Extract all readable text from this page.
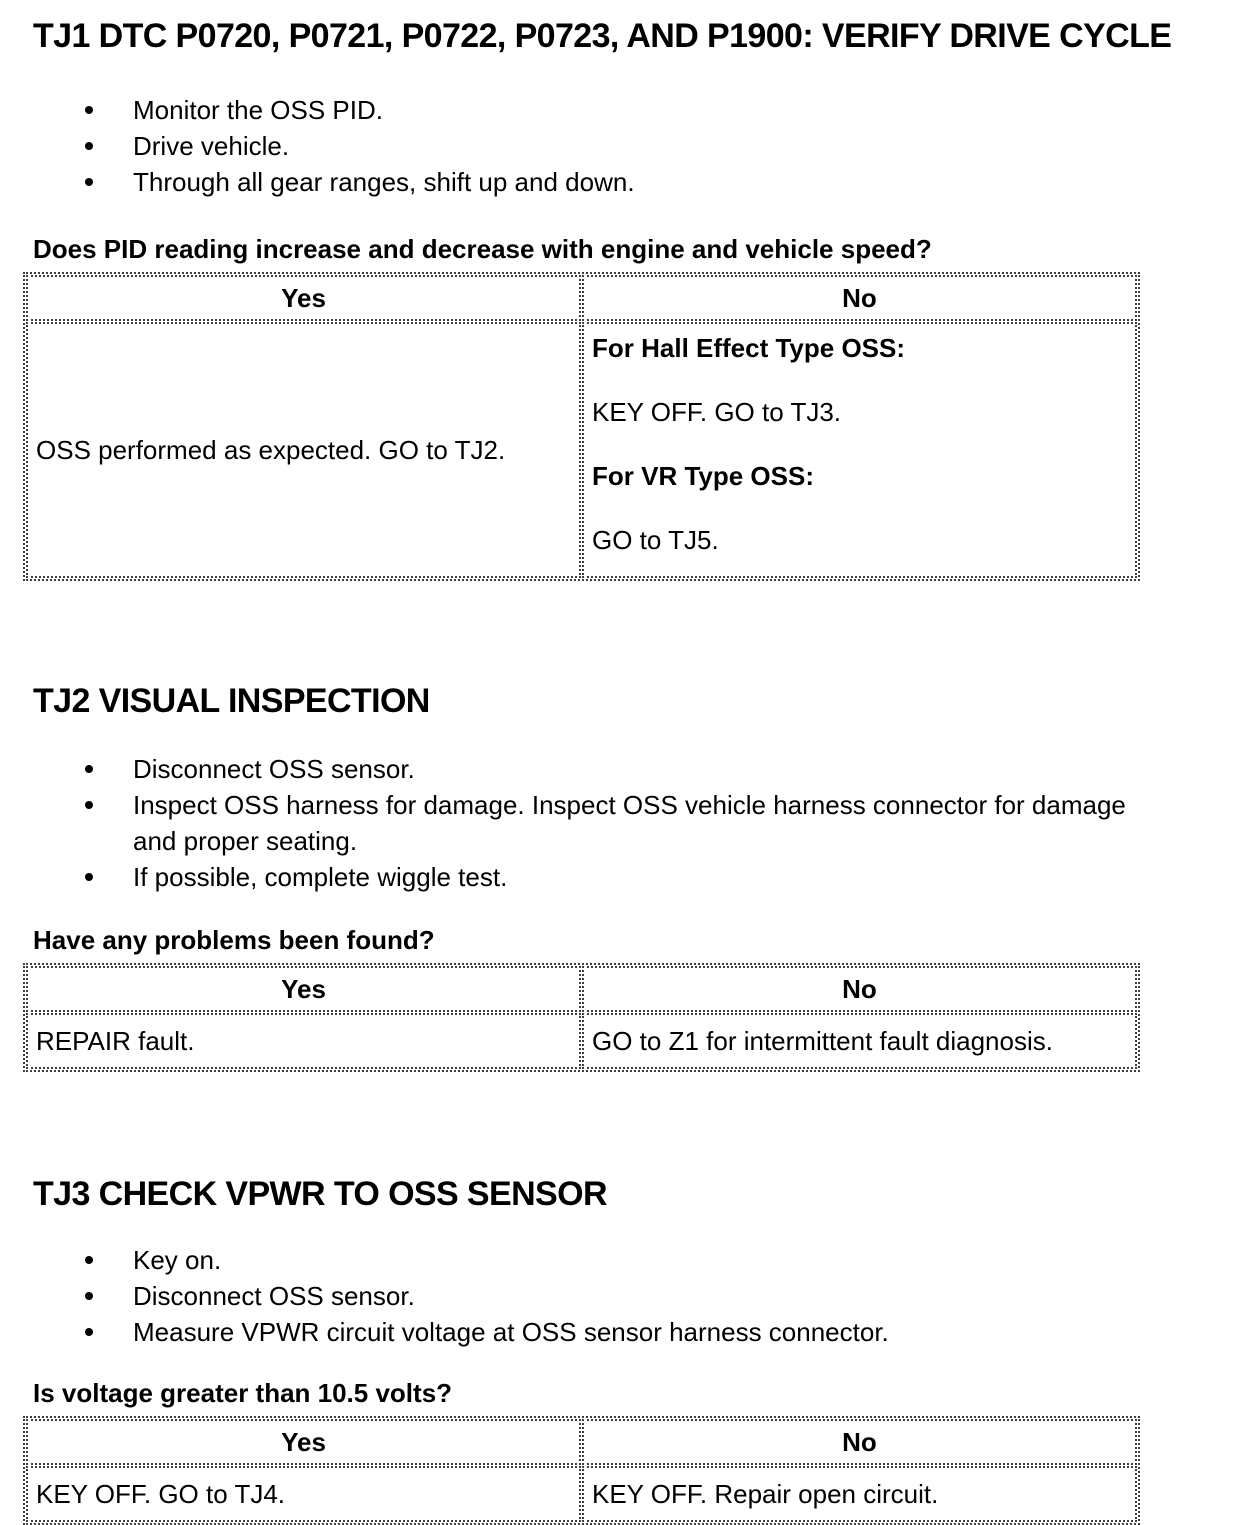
TJ1 DTC P0720, P0721, P0722, P0723, AND P1900: VERIFY DRIVE CYCLE
Monitor the OSS PID.
Drive vehicle.
Through all gear ranges, shift up and down.

Does PID reading increase and decrease with engine and vehicle speed?

Yes	No
OSS performed as expected. GO to TJ2.	For Hall Effect Type OSS:

KEY OFF. GO to TJ3.

For VR Type OSS:

GO to TJ5.

TJ2 VISUAL INSPECTION
Disconnect OSS sensor.
Inspect OSS harness for damage. Inspect OSS vehicle harness connector for damage and proper seating.
If possible, complete wiggle test.

Have any problems been found?

Yes	No
REPAIR fault.	GO to Z1 for intermittent fault diagnosis.
TJ3 CHECK VPWR TO OSS SENSOR
Key on.
Disconnect OSS sensor.
Measure VPWR circuit voltage at OSS sensor harness connector.

Is voltage greater than 10.5 volts?

Yes	No
KEY OFF. GO to TJ4.	KEY OFF. Repair open circuit.
